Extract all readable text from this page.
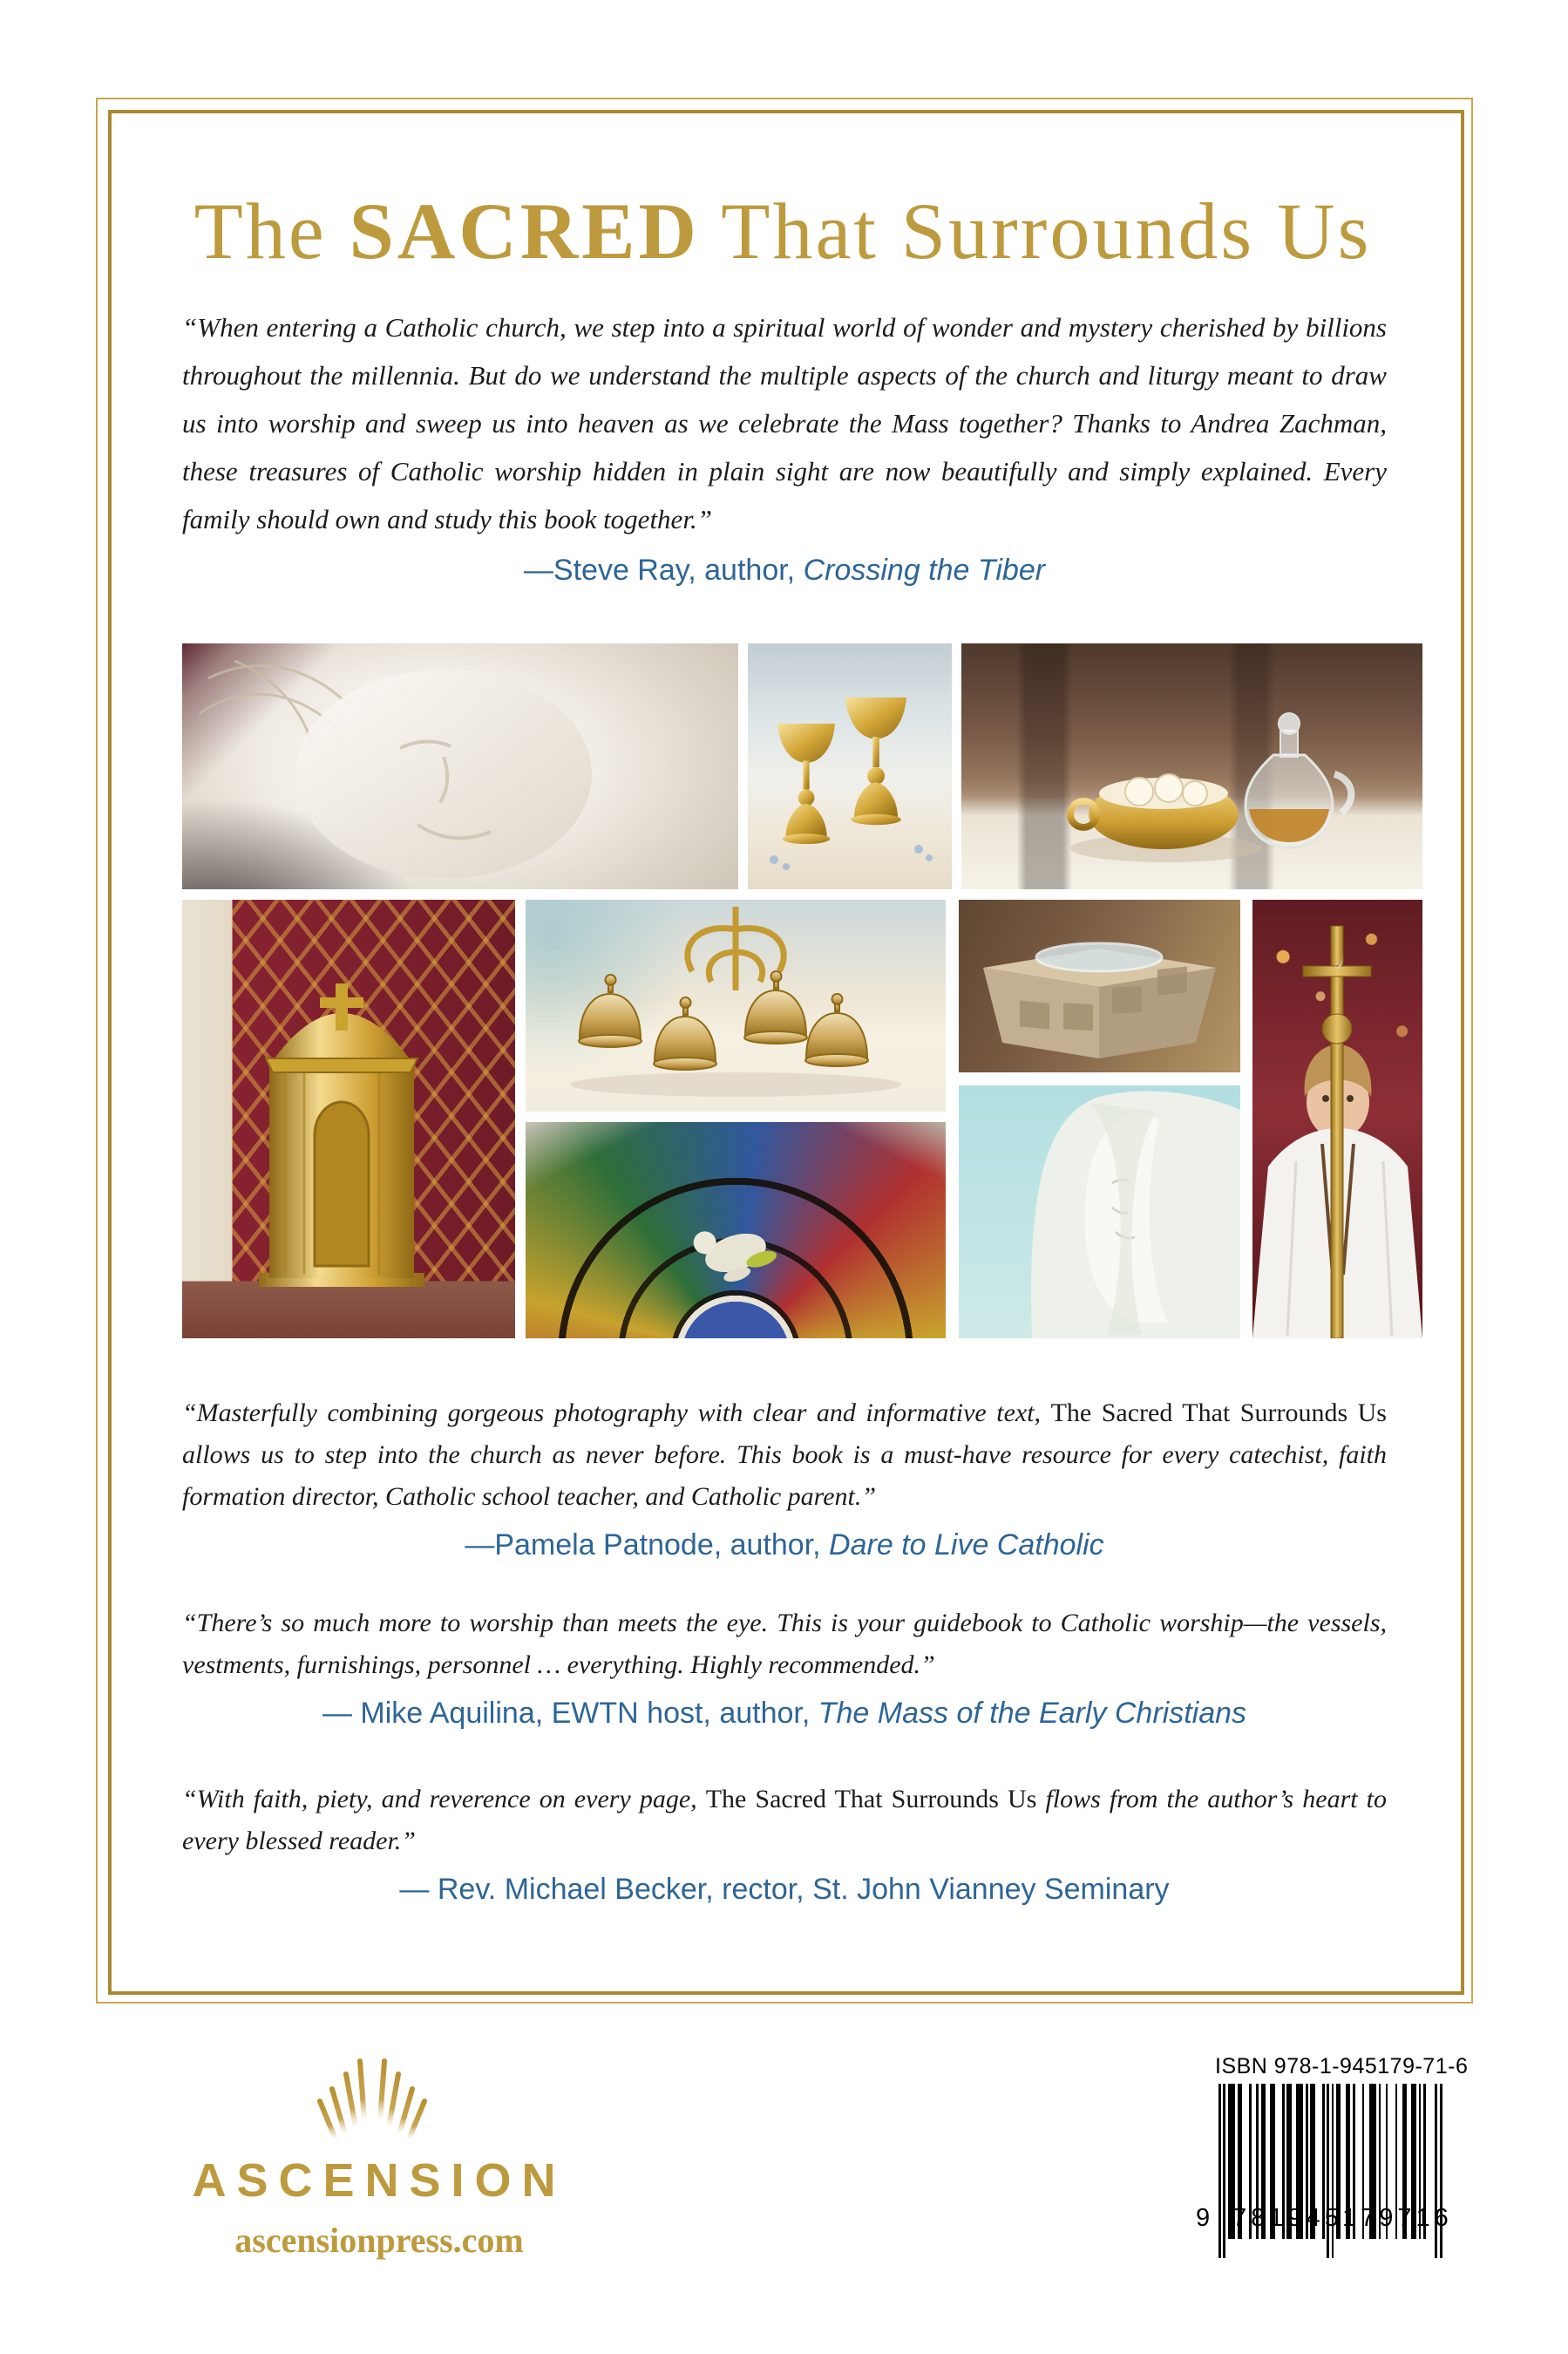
The SACRED That Surrounds Us

“When entering a Catholic church, we step into a spiritual world of wonder and mystery cherished by billions throughout the millennia. But do we understand the multiple aspects of the church and liturgy meant to draw us into worship and sweep us into heaven as we celebrate the Mass together? Thanks to Andrea Zachman, these treasures of Catholic worship hidden in plain sight are now beautifully and simply explained. Every family should own and study this book together.”

—Steve Ray, author, Crossing the Tiber

“Masterfully combining gorgeous photography with clear and informative text, The Sacred That Surrounds Us allows us to step into the church as never before. This book is a must-have resource for every catechist, faith formation director, Catholic school teacher, and Catholic parent.”

—Pamela Patnode, author, Dare to Live Catholic

“There’s so much more to worship than meets the eye. This is your guidebook to Catholic worship—the vessels, vestments, furnishings, personnel … everything. Highly recommended.”

— Mike Aquilina, EWTN host, author, The Mass of the Early Christians

“With faith, piety, and reverence on every page, The Sacred That Surrounds Us flows from the author’s heart to every blessed reader.”

— Rev. Michael Becker, rector, St. John Vianney Seminary

ASCENSION
ascensionpress.com
ISBN 978-1-945179-71-6
9 781945 179716
